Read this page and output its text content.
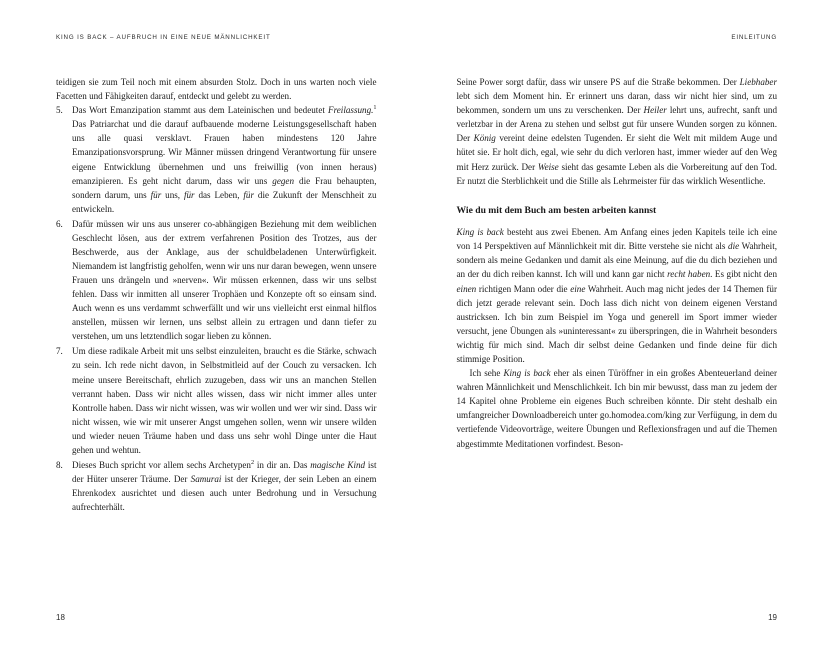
KING IS BACK – AUFBRUCH IN EINE NEUE MÄNNLICHKEIT

teidigen sie zum Teil noch mit einem absurden Stolz. Doch in uns warten noch viele Facetten und Fähigkeiten darauf, entdeckt und gelebt zu werden.

5.	Das Wort Emanzipation stammt aus dem Lateinischen und bedeutet Freilassung.$^1$ Das Patriarchat und die darauf aufbauende moderne Leistungsgesellschaft haben uns alle quasi versklavt. Frauen haben mindestens 120 Jahre Emanzipationsvorsprung. Wir Männer müssen dringend Verantwortung für unsere eigene Entwicklung übernehmen und uns freiwillig (von innen heraus) emanzipieren. Es geht nicht darum, dass wir uns gegen die Frau behaupten, sondern darum, uns für uns, für das Leben, für die Zukunft der Menschheit zu entwickeln.
6.	Dafür müssen wir uns aus unserer co-abhängigen Beziehung mit dem weiblichen Geschlecht lösen, aus der extrem verfahrenen Position des Trotzes, aus der Beschwerde, aus der Anklage, aus der schuldbeladenen Unterwürfigkeit. Niemandem ist langfristig geholfen, wenn wir uns nur daran bewegen, wenn unsere Frauen uns drängeln und »nerven«. Wir müssen erkennen, dass wir uns selbst fehlen. Dass wir inmitten all unserer Trophäen und Konzepte oft so einsam sind. Auch wenn es uns verdammt schwerfällt und wir uns vielleicht erst einmal hilflos anstellen, müssen wir lernen, uns selbst allein zu ertragen und dann tiefer zu verstehen, um uns letztendlich sogar lieben zu können.
7.	Um diese radikale Arbeit mit uns selbst einzuleiten, braucht es die Stärke, schwach zu sein. Ich rede nicht davon, in Selbstmitleid auf der Couch zu versacken. Ich meine unsere Bereitschaft, ehrlich zuzugeben, dass wir uns an manchen Stellen verrannt haben. Dass wir nicht alles wissen, dass wir nicht immer alles unter Kontrolle haben. Dass wir nicht wissen, was wir wollen und wer wir sind. Dass wir nicht wissen, wie wir mit unserer Angst umgehen sollen, wenn wir unsere wilden und wieder neuen Träume haben und dass uns sehr wohl Dinge unter die Haut gehen und wehtun.
8.	Dieses Buch spricht vor allem sechs Archetypen$^2$ in dir an. Das magische Kind ist der Hüter unserer Träume. Der Samurai ist der Krieger, der sein Leben an einem Ehrenkodex ausrichtet und diesen auch unter Bedrohung und in Versuchung aufrechterhält.
18
EINLEITUNG

Seine Power sorgt dafür, dass wir unsere PS auf die Straße bekommen. Der Liebhaber lebt sich dem Moment hin. Er erinnert uns daran, dass wir nicht hier sind, um zu bekommen, sondern um uns zu verschenken. Der Heiler lehrt uns, aufrecht, sanft und verletzbar in der Arena zu stehen und selbst gut für unsere Wunden sorgen zu können. Der König vereint deine edelsten Tugenden. Er sieht die Welt mit mildem Auge und hütet sie. Er holt dich, egal, wie sehr du dich verloren hast, immer wieder auf den Weg mit Herz zurück. Der Weise sieht das gesamte Leben als die Vorbereitung auf den Tod. Er nutzt die Sterblichkeit und die Stille als Lehrmeister für das wirklich Wesentliche.

Wie du mit dem Buch am besten arbeiten kannst

King is back besteht aus zwei Ebenen. Am Anfang eines jeden Kapitels teile ich eine von 14 Perspektiven auf Männlichkeit mit dir. Bitte verstehe sie nicht als die Wahrheit, sondern als meine Gedanken und damit als eine Meinung, auf die du dich beziehen und an der du dich reiben kannst. Ich will und kann gar nicht recht haben. Es gibt nicht den einen richtigen Mann oder die eine Wahrheit. Auch mag nicht jedes der 14 Themen für dich jetzt gerade relevant sein. Doch lass dich nicht von deinem eigenen Verstand austricksen. Ich bin zum Beispiel im Yoga und generell im Sport immer wieder versucht, jene Übungen als »uninteressant« zu überspringen, die in Wahrheit besonders wichtig für mich sind. Mach dir selbst deine Gedanken und finde deine für dich stimmige Position.

Ich sehe King is back eher als einen Türöffner in ein großes Abenteuerland deiner wahren Männlichkeit und Menschlichkeit. Ich bin mir bewusst, dass man zu jedem der 14 Kapitel ohne Probleme ein eigenes Buch schreiben könnte. Dir steht deshalb ein umfangreicher Downloadbereich unter go.homodea.com/king zur Verfügung, in dem du vertiefende Videovorträge, weitere Übungen und Reflexionsfragen und auf die Themen abgestimmte Meditationen vorfindest. Beson-

19
